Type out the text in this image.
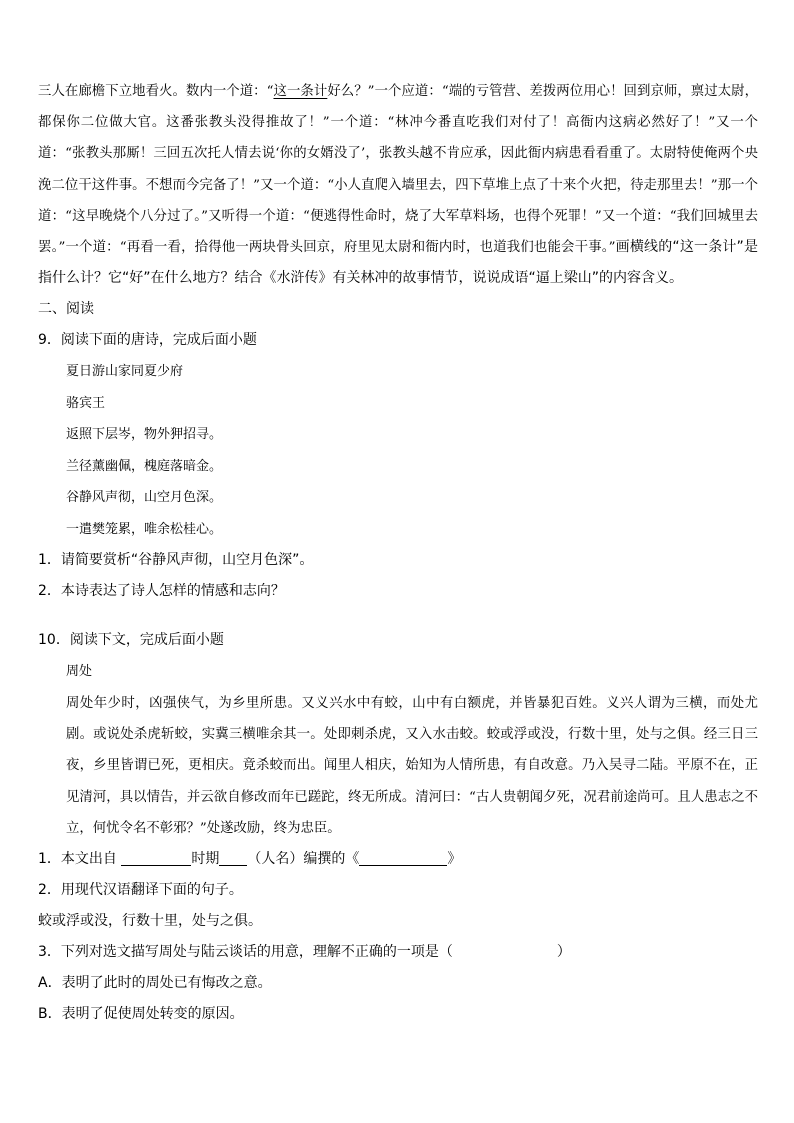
三人在廊檐下立地看火。数内一个道：“这一条计好么？”一个应道：“端的亏管营、差拨两位用心！回到京师，禀过太尉，都保你二位做大官。这番张教头没得推故了！”一个道：“林冲今番直吃我们对付了！高衙内这病必然好了！”又一个道：“张教头那厮！三回五次托人情去说‘你的女婿没了’，张教头越不肯应承，因此衙内病患看看重了。太尉特使俺两个央浼二位干这件事。不想而今完备了！”又一个道：“小人直爬入墙里去，四下草堆上点了十来个火把，待走那里去！”那一个道：“这早晚烧个八分过了。”又听得一个道：“便逃得性命时，烧了大军草料场，也得个死罪！”又一个道：“我们回城里去罢。”一个道：“再看一看，拾得他一两块骨头回京，府里见太尉和衙内时，也道我们也能会干事。”画横线的“这一条计”是指什么计？它“好”在什么地方？结合《水浒传》有关林冲的故事情节，说说成语“逼上梁山”的内容含义。

二、阅读

9．阅读下面的唐诗，完成后面小题

夏日游山家同夏少府

骆宾王

返照下层岑，物外狎招寻。

兰径薰幽佩，槐庭落暗金。

谷静风声彻，山空月色深。

一遣樊笼累，唯余松桂心。

1．请简要赏析“谷静风声彻，山空月色深”。

2．本诗表达了诗人怎样的情感和志向？

10．阅读下文，完成后面小题

周处

周处年少时，凶强侠气，为乡里所患。又义兴水中有蛟，山中有白额虎，并皆暴犯百姓。义兴人谓为三横，而处尤剧。或说处杀虎斩蛟，实冀三横唯余其一。处即刺杀虎，又入水击蛟。蛟或浮或没，行数十里，处与之俱。经三日三夜，乡里皆谓已死，更相庆。竟杀蛟而出。闻里人相庆，始知为人情所患，有自改意。乃入吴寻二陆。平原不在，正见清河，具以情告，并云欲自修改而年已蹉跎，终无所成。清河曰：“古人贵朝闻夕死，况君前途尚可。且人患志之不立，何忧令名不彰邪？”处遂改励，终为忠臣。

1．本文出自	时期 （人名）编撰的《	》

2．用现代汉语翻译下面的句子。

蛟或浮或没，行数十里，处与之俱。

3．下列对选文描写周处与陆云谈话的用意，理解不正确的一项是（	）

A．表明了此时的周处已有悔改之意。

B．表明了促使周处转变的原因。
